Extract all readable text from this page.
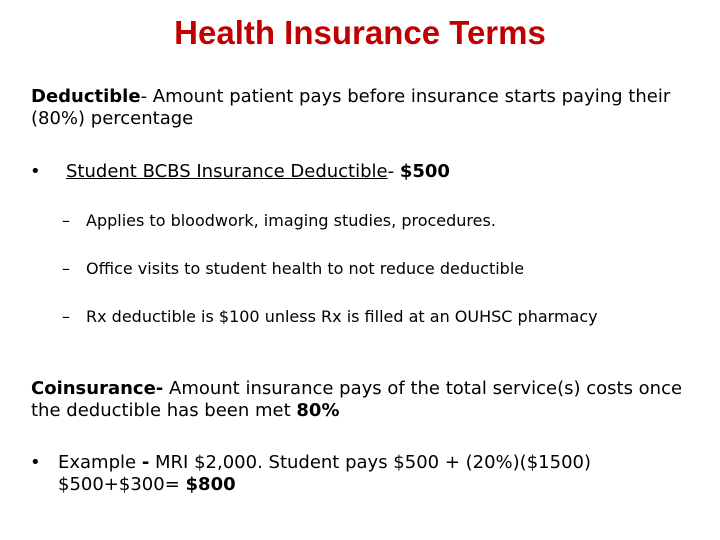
Health Insurance Terms
Deductible- Amount patient pays before insurance starts paying their (80%) percentage
• Student BCBS Insurance Deductible- $500
– Applies to bloodwork, imaging studies, procedures.
– Office visits to student health to not reduce deductible
– Rx deductible is $100 unless Rx is filled at an OUHSC pharmacy
Coinsurance- Amount insurance pays of the total service(s) costs once the deductible has been met 80%
• Example - MRI $2,000. Student pays $500 + (20%)($1500)
$500+$300= $800
